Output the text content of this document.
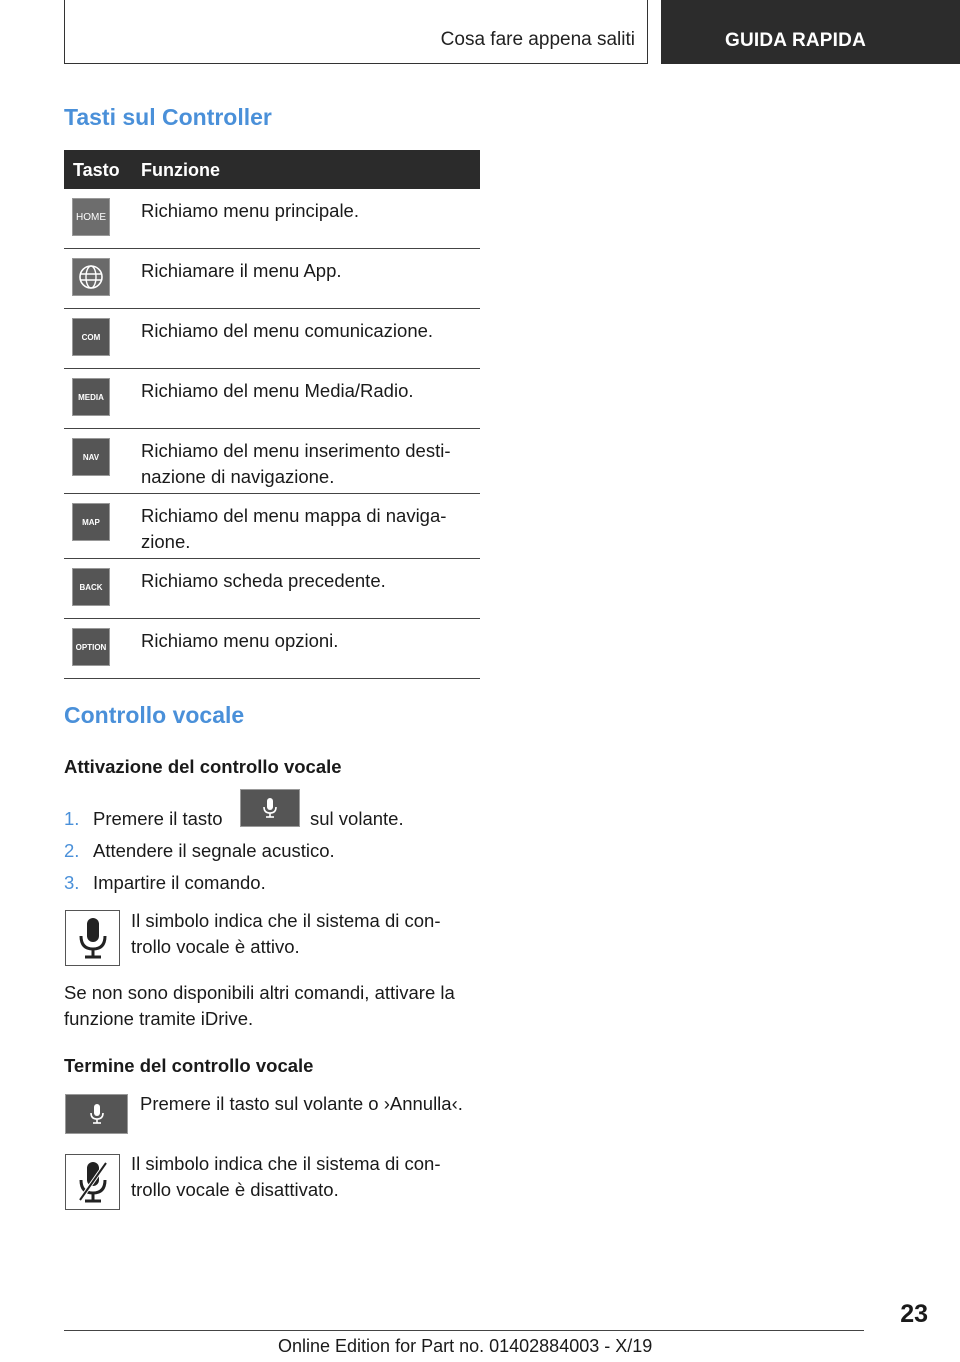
Cosa fare appena saliti	GUIDA RAPIDA
Tasti sul Controller
Tasto Funzione
HOME Richiamo menu principale.
Richiamare il menu App.
COM	Richiamo del menu comunicazione.
MEDIA	Richiamo del menu Media/Radio.
NAV	Richiamo del menu inserimento desti-
nazione di navigazione.
MAP	Richiamo del menu mappa di naviga-
zione.
BACK	Richiamo scheda precedente.
OPTION Richiamo menu opzioni.
Controllo vocale
Attivazione del controllo vocale
1. Premere il tasto	sul volante.
2. Attendere il segnale acustico.
3. Impartire il comando.
Il simbolo indica che il sistema di con-
trollo vocale è attivo.
Se non sono disponibili altri comandi, attivare la
funzione tramite iDrive.
Termine del controllo vocale
Premere il tasto sul volante o ›Annulla‹.
Il simbolo indica che il sistema di con-
trollo vocale è disattivato.
23
Online Edition for Part no. 01402884003 - X/19
